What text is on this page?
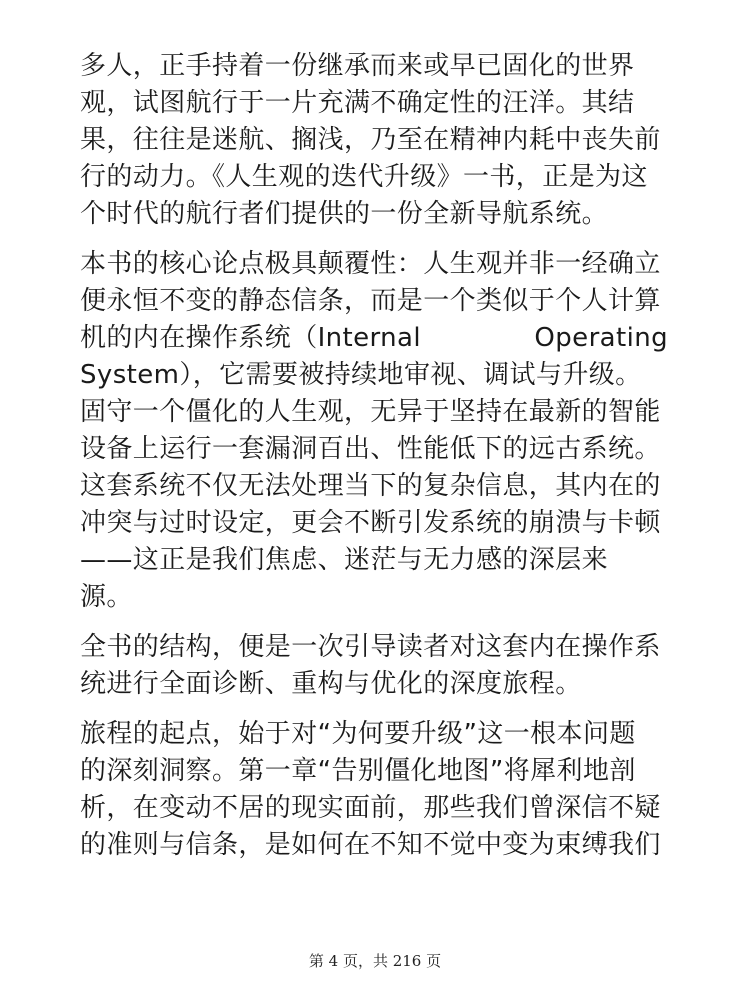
多人，正手持着一份继承而来或早已固化的世界
观，试图航行于一片充满不确定性的汪洋。其结
果，往往是迷航、搁浅，乃至在精神内耗中丧失前
行的动力。《人生观的迭代升级》一书，正是为这
个时代的航行者们提供的一份全新导航系统。
本书的核心论点极具颠覆性：人生观并非一经确立
便永恒不变的静态信条，而是一个类似于个人计算
机的内在操作系统（Internal	Operating
System），它需要被持续地审视、调试与升级。
固守一个僵化的人生观，无异于坚持在最新的智能
设备上运行一套漏洞百出、性能低下的远古系统。
这套系统不仅无法处理当下的复杂信息，其内在的
冲突与过时设定，更会不断引发系统的崩溃与卡顿
——这正是我们焦虑、迷茫与无力感的深层来
源。
全书的结构，便是一次引导读者对这套内在操作系
统进行全面诊断、重构与优化的深度旅程。
旅程的起点，始于对“为何要升级”这一根本问题
的深刻洞察。第一章“告别僵化地图”将犀利地剖
析，在变动不居的现实面前，那些我们曾深信不疑
的准则与信条，是如何在不知不觉中变为束缚我们
第 4 页，共 216 页
